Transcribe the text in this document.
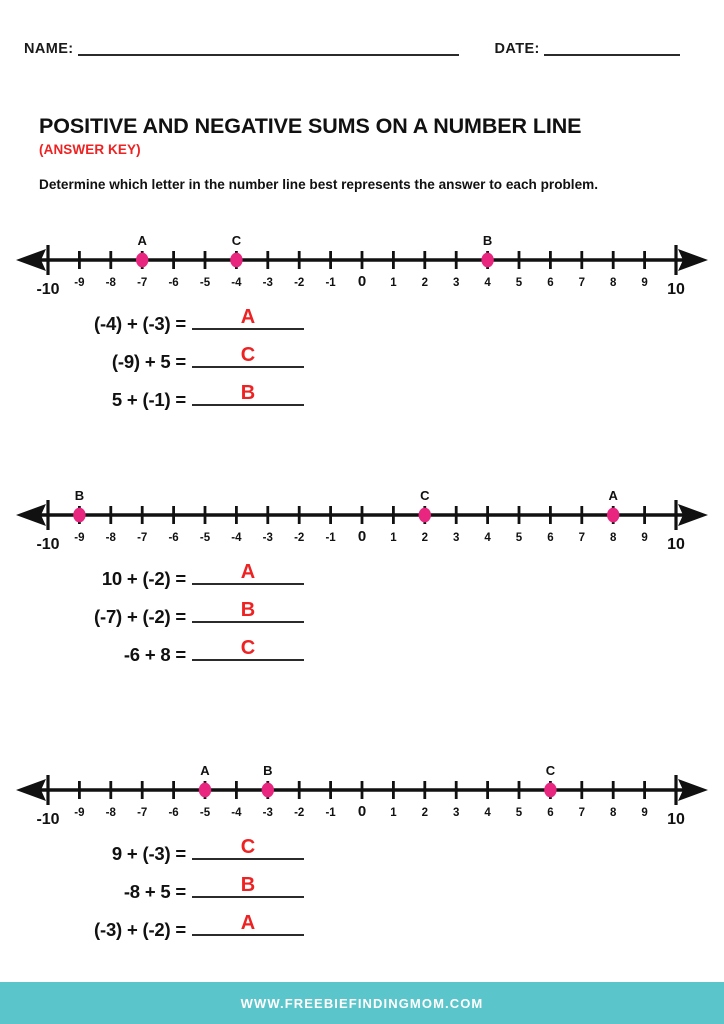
NAME:	DATE:
POSITIVE AND NEGATIVE SUMS ON A NUMBER LINE
(ANSWER KEY)
Determine which letter in the number line best represents the answer to each problem.
-10 -9 -8 -7 -6 -5 -4 -3 -2 -1 0 1 2 3 4 5 6 7 8 9 10
A	C	B
(-4) + (-3) =	A
(-9) + 5 =	C
5 + (-1) =	B
-10 -9 -8 -7 -6 -5 -4 -3 -2 -1 0 1 2 3 4 5 6 7 8 9 10
B	C	A
10 + (-2) =	A
(-7) + (-2) =	B
-6 + 8 =	C
-10 -9 -8 -7 -6 -5 -4 -3 -2 -1 0 1 2 3 4 5 6 7 8 9 10
A	B	C
9 + (-3) =	C
-8 + 5 =	B
(-3) + (-2) =	A
WWW.FREEBIEFINDINGMOM.COM
